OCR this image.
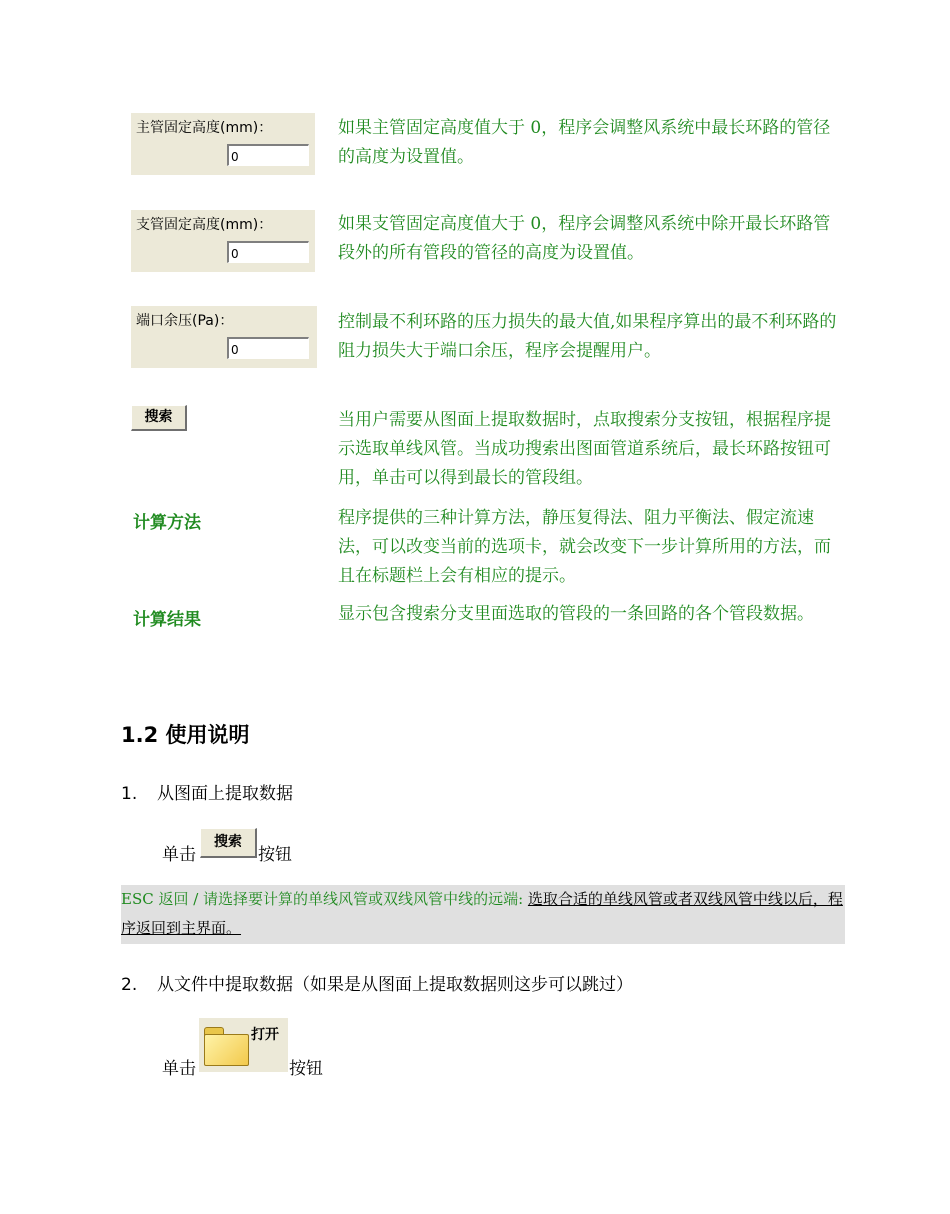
主管固定高度(mm)：
0	如果主管固定高度值大于 0，程序会调整风系统中最长环路的管径的高度为设置值。
支管固定高度(mm)：
0	如果支管固定高度值大于 0，程序会调整风系统中除开最长环路管段外的所有管段的管径的高度为设置值。
端口余压(Pa)：
0	控制最不利环路的压力损失的最大值,如果程序算出的最不利环路的阻力损失大于端口余压，程序会提醒用户。
搜索	当用户需要从图面上提取数据时，点取搜索分支按钮，根据程序提示选取单线风管。当成功搜索出图面管道系统后，最长环路按钮可用，单击可以得到最长的管段组。
计算方法	程序提供的三种计算方法，静压复得法、阻力平衡法、假定流速法，可以改变当前的选项卡，就会改变下一步计算所用的方法，而且在标题栏上会有相应的提示。
计算结果	显示包含搜索分支里面选取的管段的一条回路的各个管段数据。
1.2 使用说明
1. 从图面上提取数据
单击
搜索
按钮
ESC 返回 / 请选择要计算的单线风管或双线风管中线的远端: 选取合适的单线风管或者双线风管中线以后，程序返回到主界面。
2. 从文件中提取数据（如果是从图面上提取数据则这步可以跳过）
单击
打开
按钮
